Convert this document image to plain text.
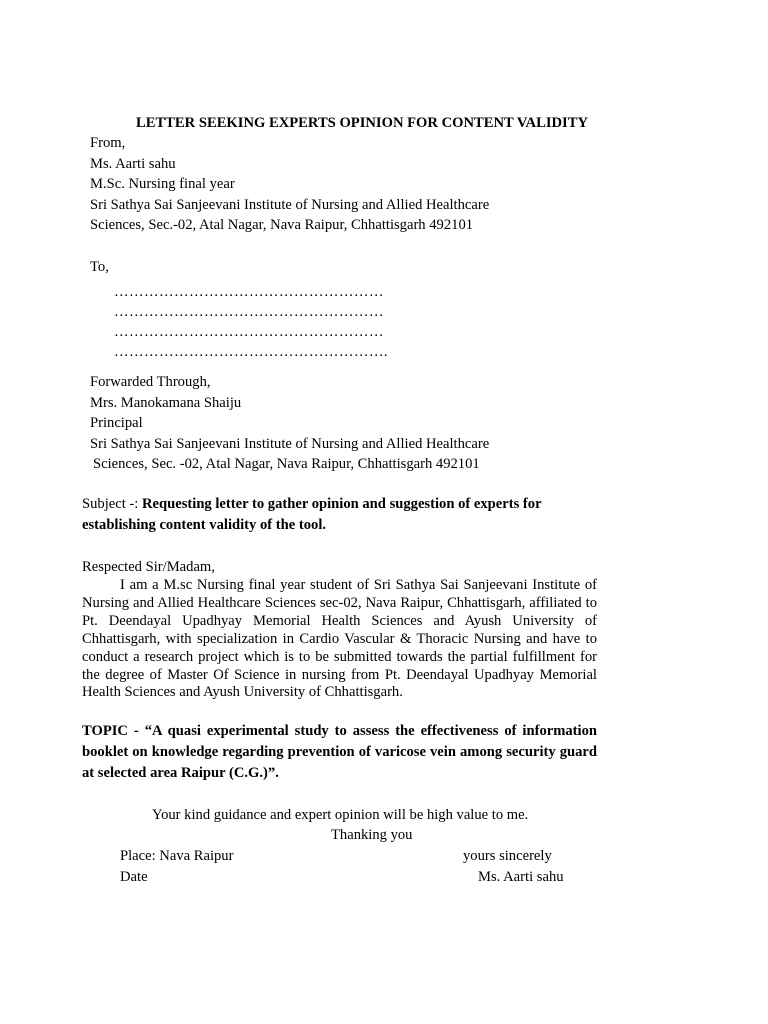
LETTER SEEKING EXPERTS OPINION FOR CONTENT VALIDITY
From,
Ms. Aarti sahu
M.Sc. Nursing final year
Sri Sathya Sai Sanjeevani Institute of Nursing and Allied Healthcare
Sciences, Sec.-02, Atal Nagar, Nava Raipur, Chhattisgarh 492101
To,
………………………………………………
………………………………………………
………………………………………………
……………………………………………….
Forwarded Through,
Mrs. Manokamana Shaiju
Principal
Sri Sathya Sai Sanjeevani Institute of Nursing and Allied Healthcare
Sciences, Sec. -02, Atal Nagar, Nava Raipur, Chhattisgarh 492101
Subject -: Requesting letter to gather opinion and suggestion of experts for establishing content validity of the tool.
Respected Sir/Madam,
I am a M.sc Nursing final year student of Sri Sathya Sai Sanjeevani Institute of Nursing and Allied Healthcare Sciences sec-02, Nava Raipur, Chhattisgarh, affiliated to Pt. Deendayal Upadhyay Memorial Health Sciences and Ayush University of Chhattisgarh, with specialization in Cardio Vascular & Thoracic Nursing and have to conduct a research project which is to be submitted towards the partial fulfillment for the degree of Master Of Science in nursing from Pt. Deendayal Upadhyay Memorial Health Sciences and Ayush University of Chhattisgarh.
TOPIC - “A quasi experimental study to assess the effectiveness of information booklet on knowledge regarding prevention of varicose vein among security guard at selected area Raipur (C.G.)”.
Your kind guidance and expert opinion will be high value to me.
Thanking you
Place: Nava Raipur
Date
yours sincerely
Ms. Aarti sahu
